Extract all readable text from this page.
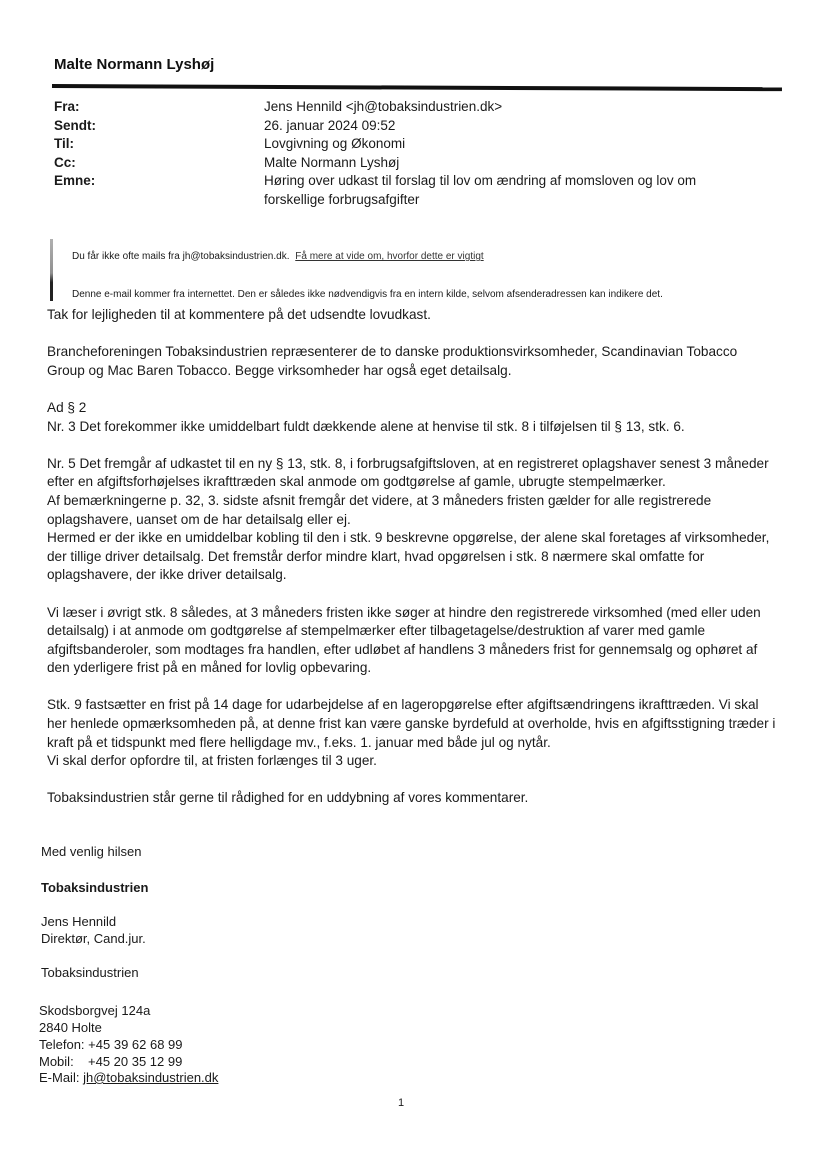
Malte Normann Lyshøj
Fra:
Sendt:
Til:
Cc:
Emne:
Jens Hennild <jh@tobaksindustrien.dk>
26. januar 2024 09:52
Lovgivning og Økonomi
Malte Normann Lyshøj
Høring over udkast til forslag til lov om ændring af momsloven og lov om forskellige forbrugsafgifter
Du får ikke ofte mails fra jh@tobaksindustrien.dk. Få mere at vide om, hvorfor dette er vigtigt
Denne e-mail kommer fra internettet. Den er således ikke nødvendigvis fra en intern kilde, selvom afsenderadressen kan indikere det.

Tak for lejligheden til at kommentere på det udsendte lovudkast.

Brancheforeningen Tobaksindustrien repræsenterer de to danske produktionsvirksomheder, Scandinavian Tobacco Group og Mac Baren Tobacco. Begge virksomheder har også eget detailsalg.

Ad § 2

Nr. 3 Det forekommer ikke umiddelbart fuldt dækkende alene at henvise til stk. 8 i tilføjelsen til § 13, stk. 6.

Nr. 5 Det fremgår af udkastet til en ny § 13, stk. 8, i forbrugsafgiftsloven, at en registreret oplagshaver senest 3 måneder efter en afgiftsforhøjelses ikrafttræden skal anmode om godtgørelse af gamle, ubrugte stempelmærker.

Af bemærkningerne p. 32, 3. sidste afsnit fremgår det videre, at 3 måneders fristen gælder for alle registrerede oplagshavere, uanset om de har detailsalg eller ej.

Hermed er der ikke en umiddelbar kobling til den i stk. 9 beskrevne opgørelse, der alene skal foretages af virksomheder, der tillige driver detailsalg. Det fremstår derfor mindre klart, hvad opgørelsen i stk. 8 nærmere skal omfatte for oplagshavere, der ikke driver detailsalg.

Vi læser i øvrigt stk. 8 således, at 3 måneders fristen ikke søger at hindre den registrerede virksomhed (med eller uden detailsalg) i at anmode om godtgørelse af stempelmærker efter tilbagetagelse/destruktion af varer med gamle afgiftsbanderoler, som modtages fra handlen, efter udløbet af handlens 3 måneders frist for gennemsalg og ophøret af den yderligere frist på en måned for lovlig opbevaring.

Stk. 9 fastsætter en frist på 14 dage for udarbejdelse af en lageropgørelse efter afgiftsændringens ikrafttræden. Vi skal her henlede opmærksomheden på, at denne frist kan være ganske byrdefuld at overholde, hvis en afgiftsstigning træder i kraft på et tidspunkt med flere helligdage mv., f.eks. 1. januar med både jul og nytår.

Vi skal derfor opfordre til, at fristen forlænges til 3 uger.

Tobaksindustrien står gerne til rådighed for en uddybning af vores kommentarer.

Med venlig hilsen
Tobaksindustrien
Jens Hennild
Direktør, Cand.jur.
Tobaksindustrien
Skodsborgvej 124a
2840 Holte
Telefon: +45 39 62 68 99
Mobil: +45 20 35 12 99
E-Mail: jh@tobaksindustrien.dk
1
